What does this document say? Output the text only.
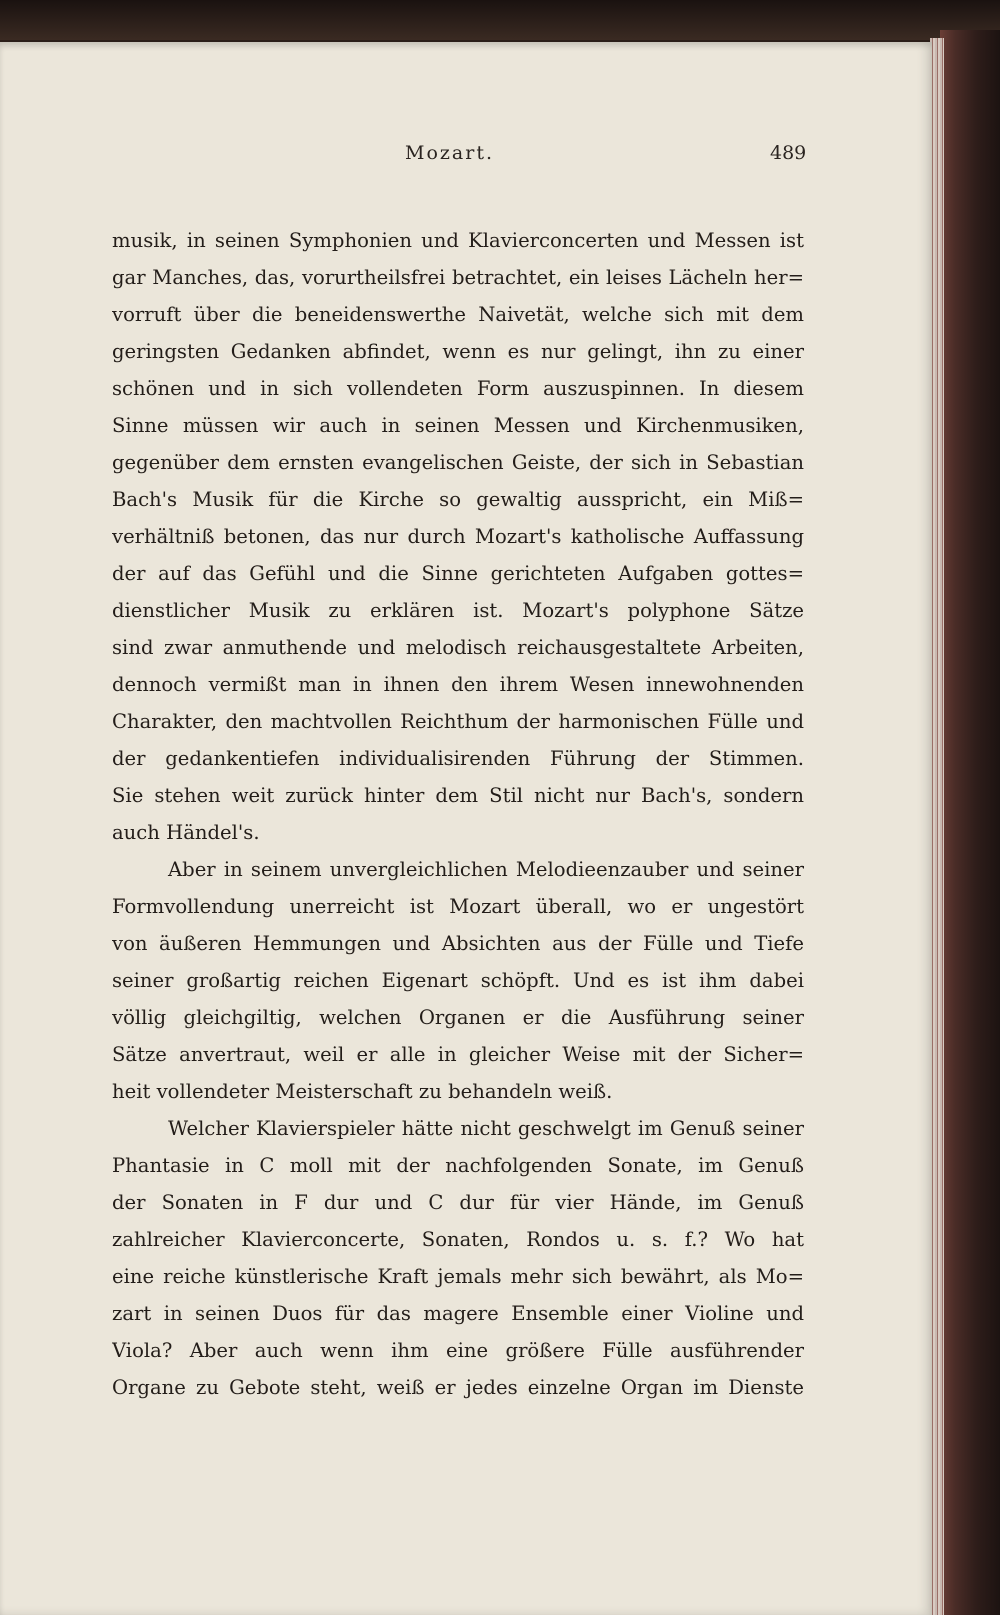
Mozart.	489
musik, in seinen Symphonien und Klavierconcerten und Messen ist
gar Manches, das, vorurtheilsfrei betrachtet, ein leises Lächeln her=
vorruft über die beneidenswerthe Naivetät, welche sich mit dem
geringsten Gedanken abfindet, wenn es nur gelingt, ihn zu einer
schönen und in sich vollendeten Form auszuspinnen. In diesem
Sinne müssen wir auch in seinen Messen und Kirchenmusiken,
gegenüber dem ernsten evangelischen Geiste, der sich in Sebastian
Bach's Musik für die Kirche so gewaltig ausspricht, ein Miß=
verhältniß betonen, das nur durch Mozart's katholische Auffassung
der auf das Gefühl und die Sinne gerichteten Aufgaben gottes=
dienstlicher Musik zu erklären ist. Mozart's polyphone Sätze
sind zwar anmuthende und melodisch reichausgestaltete Arbeiten,
dennoch vermißt man in ihnen den ihrem Wesen innewohnenden
Charakter, den machtvollen Reichthum der harmonischen Fülle und
der gedankentiefen individualisirenden Führung der Stimmen.
Sie stehen weit zurück hinter dem Stil nicht nur Bach's, sondern
auch Händel's.
Aber in seinem unvergleichlichen Melodieenzauber und seiner
Formvollendung unerreicht ist Mozart überall, wo er ungestört
von äußeren Hemmungen und Absichten aus der Fülle und Tiefe
seiner großartig reichen Eigenart schöpft. Und es ist ihm dabei
völlig gleichgiltig, welchen Organen er die Ausführung seiner
Sätze anvertraut, weil er alle in gleicher Weise mit der Sicher=
heit vollendeter Meisterschaft zu behandeln weiß.
Welcher Klavierspieler hätte nicht geschwelgt im Genuß seiner
Phantasie in C moll mit der nachfolgenden Sonate, im Genuß
der Sonaten in F dur und C dur für vier Hände, im Genuß
zahlreicher Klavierconcerte, Sonaten, Rondos u. s. f.? Wo hat
eine reiche künstlerische Kraft jemals mehr sich bewährt, als Mo=
zart in seinen Duos für das magere Ensemble einer Violine und
Viola? Aber auch wenn ihm eine größere Fülle ausführender
Organe zu Gebote steht, weiß er jedes einzelne Organ im Dienste
